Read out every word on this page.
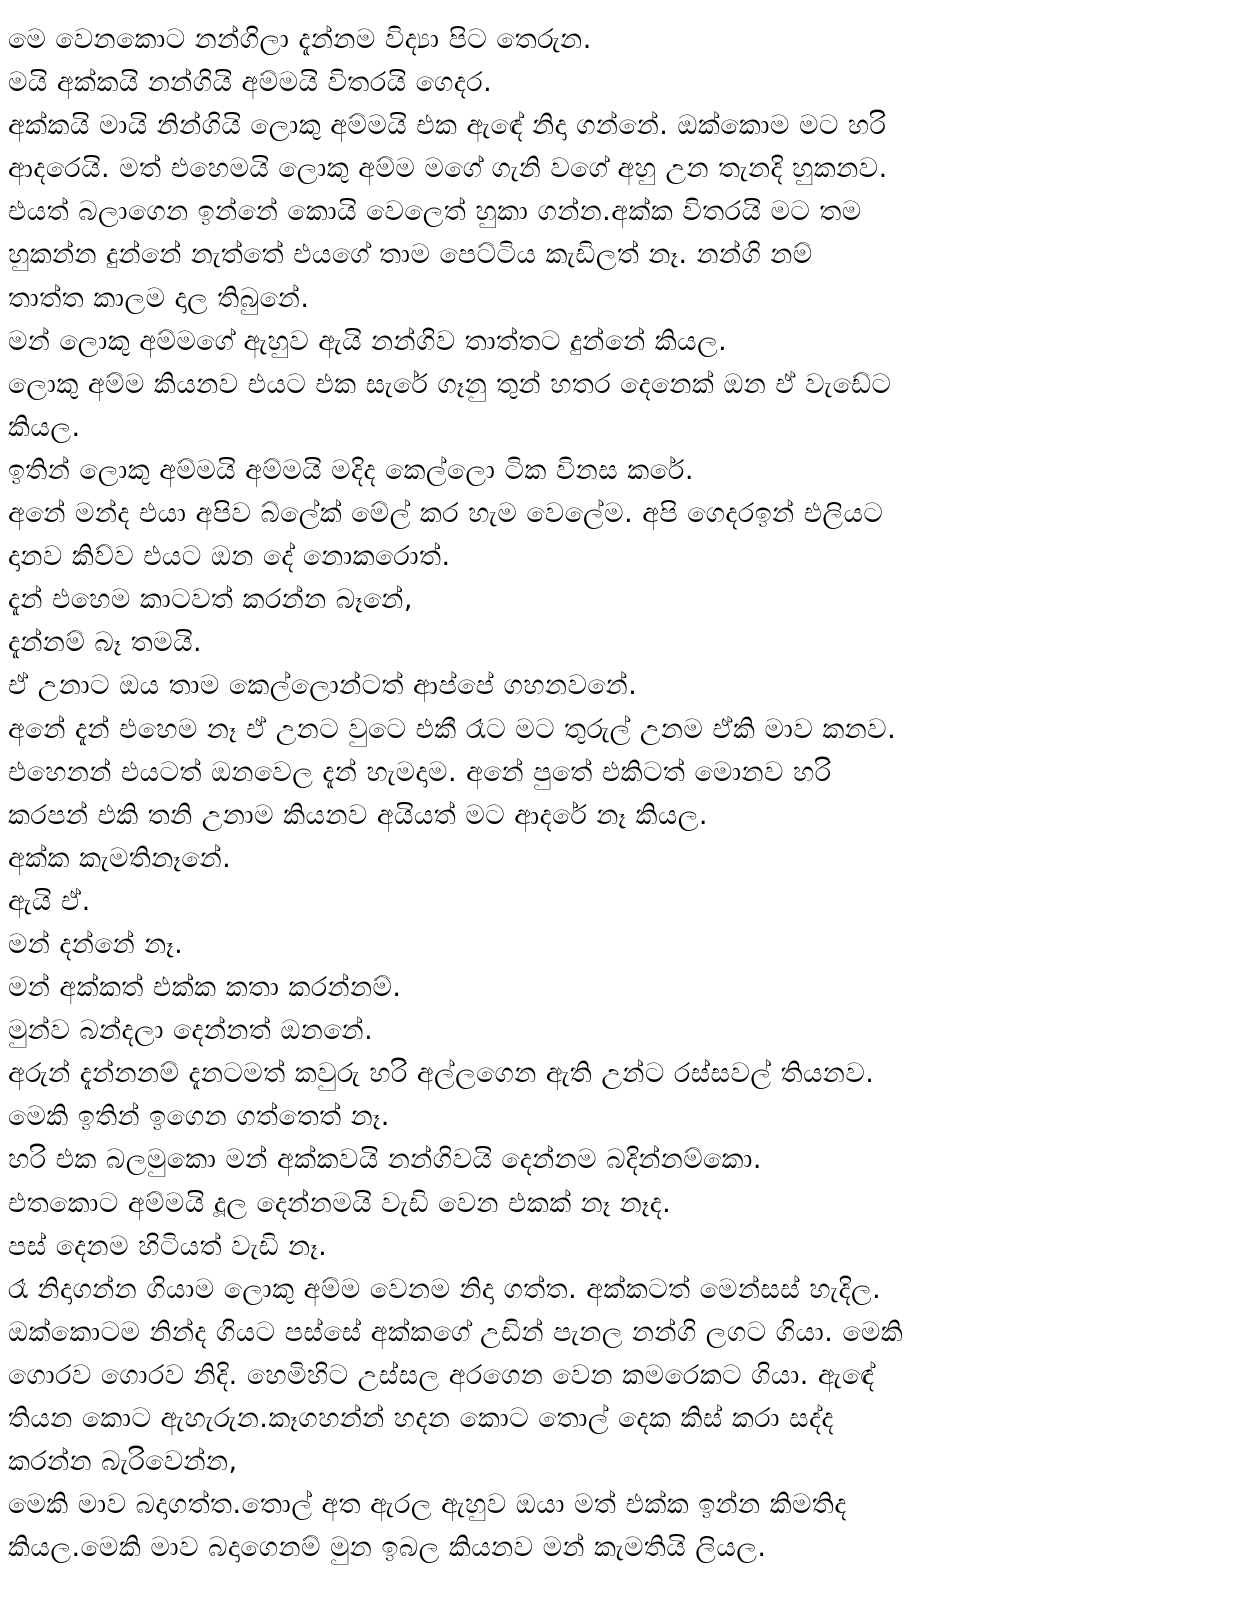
මෙ වෙනකොට නන්ගිලා දැන්නම විද්‍යා පිට තෙරුන.
මයි අක්කයි නන්ගියි අම්මයි විතරයි ගෙදර.
අක්කයි මායි නින්ගියි ලොකු අම්මයි එක ඇඳේ නිදා ගන්නේ. ඔක්කොම මට හරි
ආදරෙයි. මත් එහෙමයි ලොකු අම්ම මගේ ගැනි වගේ අහු උන තැනදි හුකනව.
එයත් බලාගෙන ඉන්නේ කොයි වෙලෙත් හුකා ගන්න.අක්ක විතරයි මට තම
හුකන්න දුන්නේ නැත්තේ එයගේ තාම පෙට්ටිය කැඩිලත් නෑ. නන්ගි නම්
තාත්ත කාලම දාල තිබුනේ.
මන් ලොකු අම්මගේ ඇහුව ඇයි නන්ගිව තාත්තට දුන්නේ කියල.
ලොකු අම්ම කියනව එයට එක සැරේ ගෑනු තුන් හතර දෙනෙක් ඔන ඒ වැඩේට
කියල.
ඉතින් ලොකු අම්මයි අම්මයි මදිද කෙල්ලො ටික විනස කරේ.
අනේ මන්ද එයා අපිව බ්ලේක් මේල් කර හැම වෙලේම. අපි ගෙදරඉන් එලියට
දානව කිව්ව එයට ඔන දේ නොකරොත්.
දැන් එහෙම කාටවත් කරන්න බෑනේ,
දැන්නම් බෑ තමයි.
ඒ උනාට ඔය තාම කෙල්ලොන්ටත් ආප්පේ ගහනවනේ.
අනේ දැන් එහෙම නෑ ඒ උනට වුටෙ එකී රෑට මට තුරුල් උනම ඒකි මාව කනව.
එහෙනන් එයටත් ඔනවෙල දැන් හැමදාම. අනේ පුතේ එකිටත් මොනව හරි
කරපන් එකි තනි උනාම කියනව අයියත් මට ආදරේ නෑ කියල.
අක්ක කැමතිනෑනේ.
ඇයි ඒ.
මන් දන්නේ නෑ.
මන් අක්කත් එක්ක කතා කරන්නම්.
මුන්ව බන්දලා දෙන්නත් ඔනනේ.
අරුන් දැන්නනම් දැනටමත් කවුරු හරි අල්ලගෙන ඇති උන්ට රස්සවල් තියනව.
මෙකි ඉතින් ඉගෙන ගත්තෙත් නෑ.
හරි එක බලමුකො මන් අක්කවයි නන්ගිවයි දෙන්නම බදින්නම්කො.
එතකොට අම්මයි දූල දෙන්නමයි වැඩි වෙන එකක් නෑ නෑද.
පස් දෙනම හිටියත් වැඩි නෑ.
රෑ නිදාගන්න ගියාම ලොකු අම්ම වෙනම නිදා ගත්ත. අක්කටත් මෙන්සස් හැදිල.
ඔක්කොටම නින්ද ගියට පස්සේ අක්කගේ උඩින් පැනල නන්ගි ලගට ගියා. මෙකි
ගොරව ගොරව නිදි. හෙමිහිට උස්සල අරගෙන වෙන කමරෙකට ගියා. ඇඳේ
තියන කොට ඇහැරුන.කෑගහන්න් හදන කොට තොල් දෙක කිස් කරා සද්ද
කරන්න බැරිවෙන්න,
මෙකි මාව බදාගත්ත.තොල් අත ඇරල ඇහුව ඔයා මත් එක්ක ඉන්න කිමතිද
කියල.මෙකි මාව බදාගෙනම් මුන ඉබල කියනව මන් කැමතියි ලියල.
